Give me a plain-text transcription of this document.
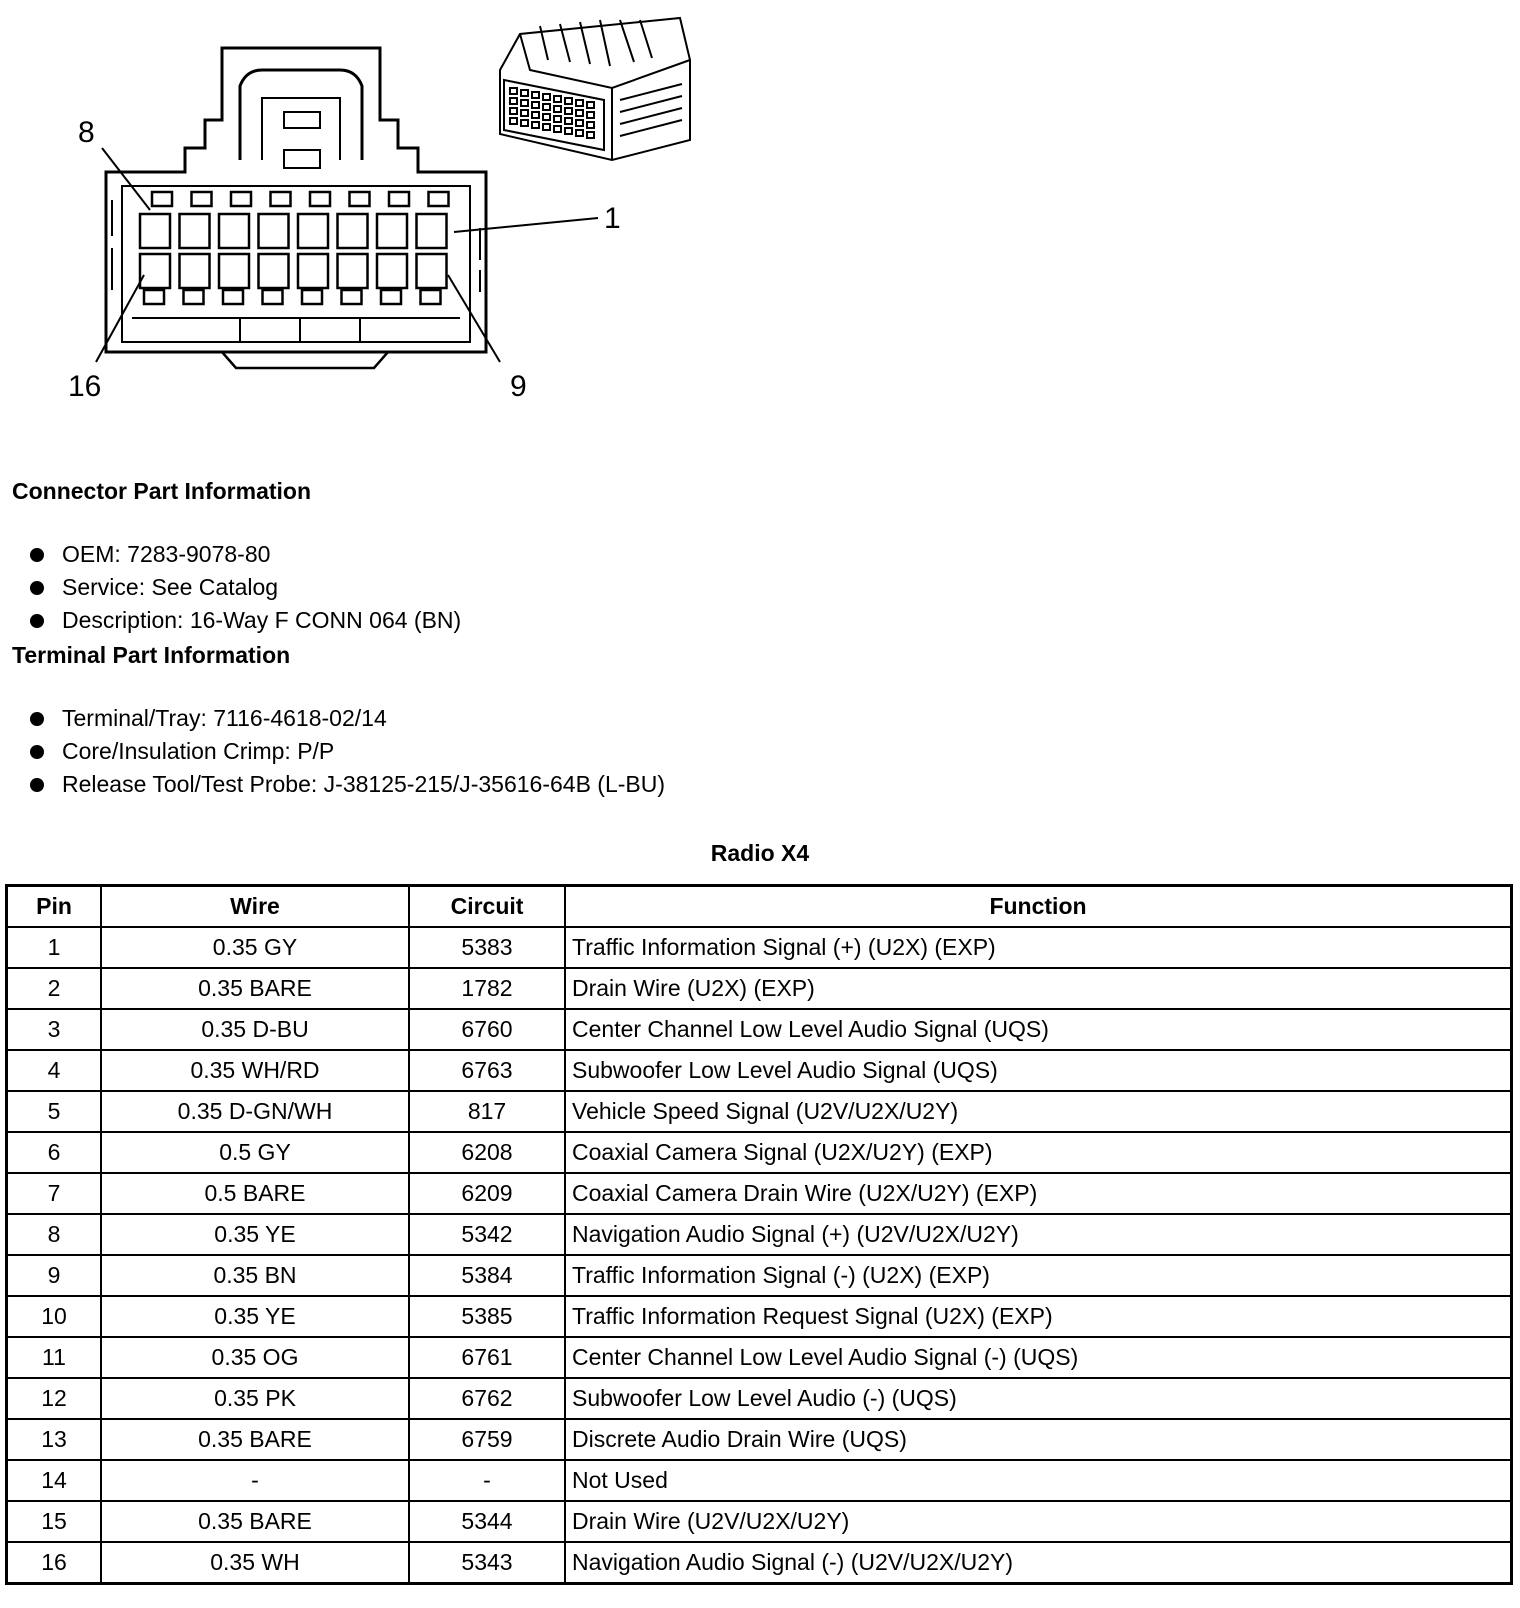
8
1
16	9
Connector Part Information
OEM: 7283-9078-80
Service: See Catalog
Description: 16-Way F CONN 064 (BN)
Terminal Part Information
Terminal/Tray: 7116-4618-02/14
Core/Insulation Crimp: P/P
Release Tool/Test Probe: J-38125-215/J-35616-64B (L-BU)
Radio X4
Pin	Wire	Circuit	Function
1	0.35 GY	5383	Traffic Information Signal (+) (U2X) (EXP)
2	0.35 BARE	1782	Drain Wire (U2X) (EXP)
3	0.35 D-BU	6760	Center Channel Low Level Audio Signal (UQS)
4	0.35 WH/RD	6763	Subwoofer Low Level Audio Signal (UQS)
5	0.35 D-GN/WH	817	Vehicle Speed Signal (U2V/U2X/U2Y)
6	0.5 GY	6208	Coaxial Camera Signal (U2X/U2Y) (EXP)
7	0.5 BARE	6209	Coaxial Camera Drain Wire (U2X/U2Y) (EXP)
8	0.35 YE	5342	Navigation Audio Signal (+) (U2V/U2X/U2Y)
9	0.35 BN	5384	Traffic Information Signal (-) (U2X) (EXP)
10	0.35 YE	5385	Traffic Information Request Signal (U2X) (EXP)
11	0.35 OG	6761	Center Channel Low Level Audio Signal (-) (UQS)
12	0.35 PK	6762	Subwoofer Low Level Audio (-) (UQS)
13	0.35 BARE	6759	Discrete Audio Drain Wire (UQS)
14	-	-	Not Used
15	0.35 BARE	5344	Drain Wire (U2V/U2X/U2Y)
16	0.35 WH	5343	Navigation Audio Signal (-) (U2V/U2X/U2Y)
